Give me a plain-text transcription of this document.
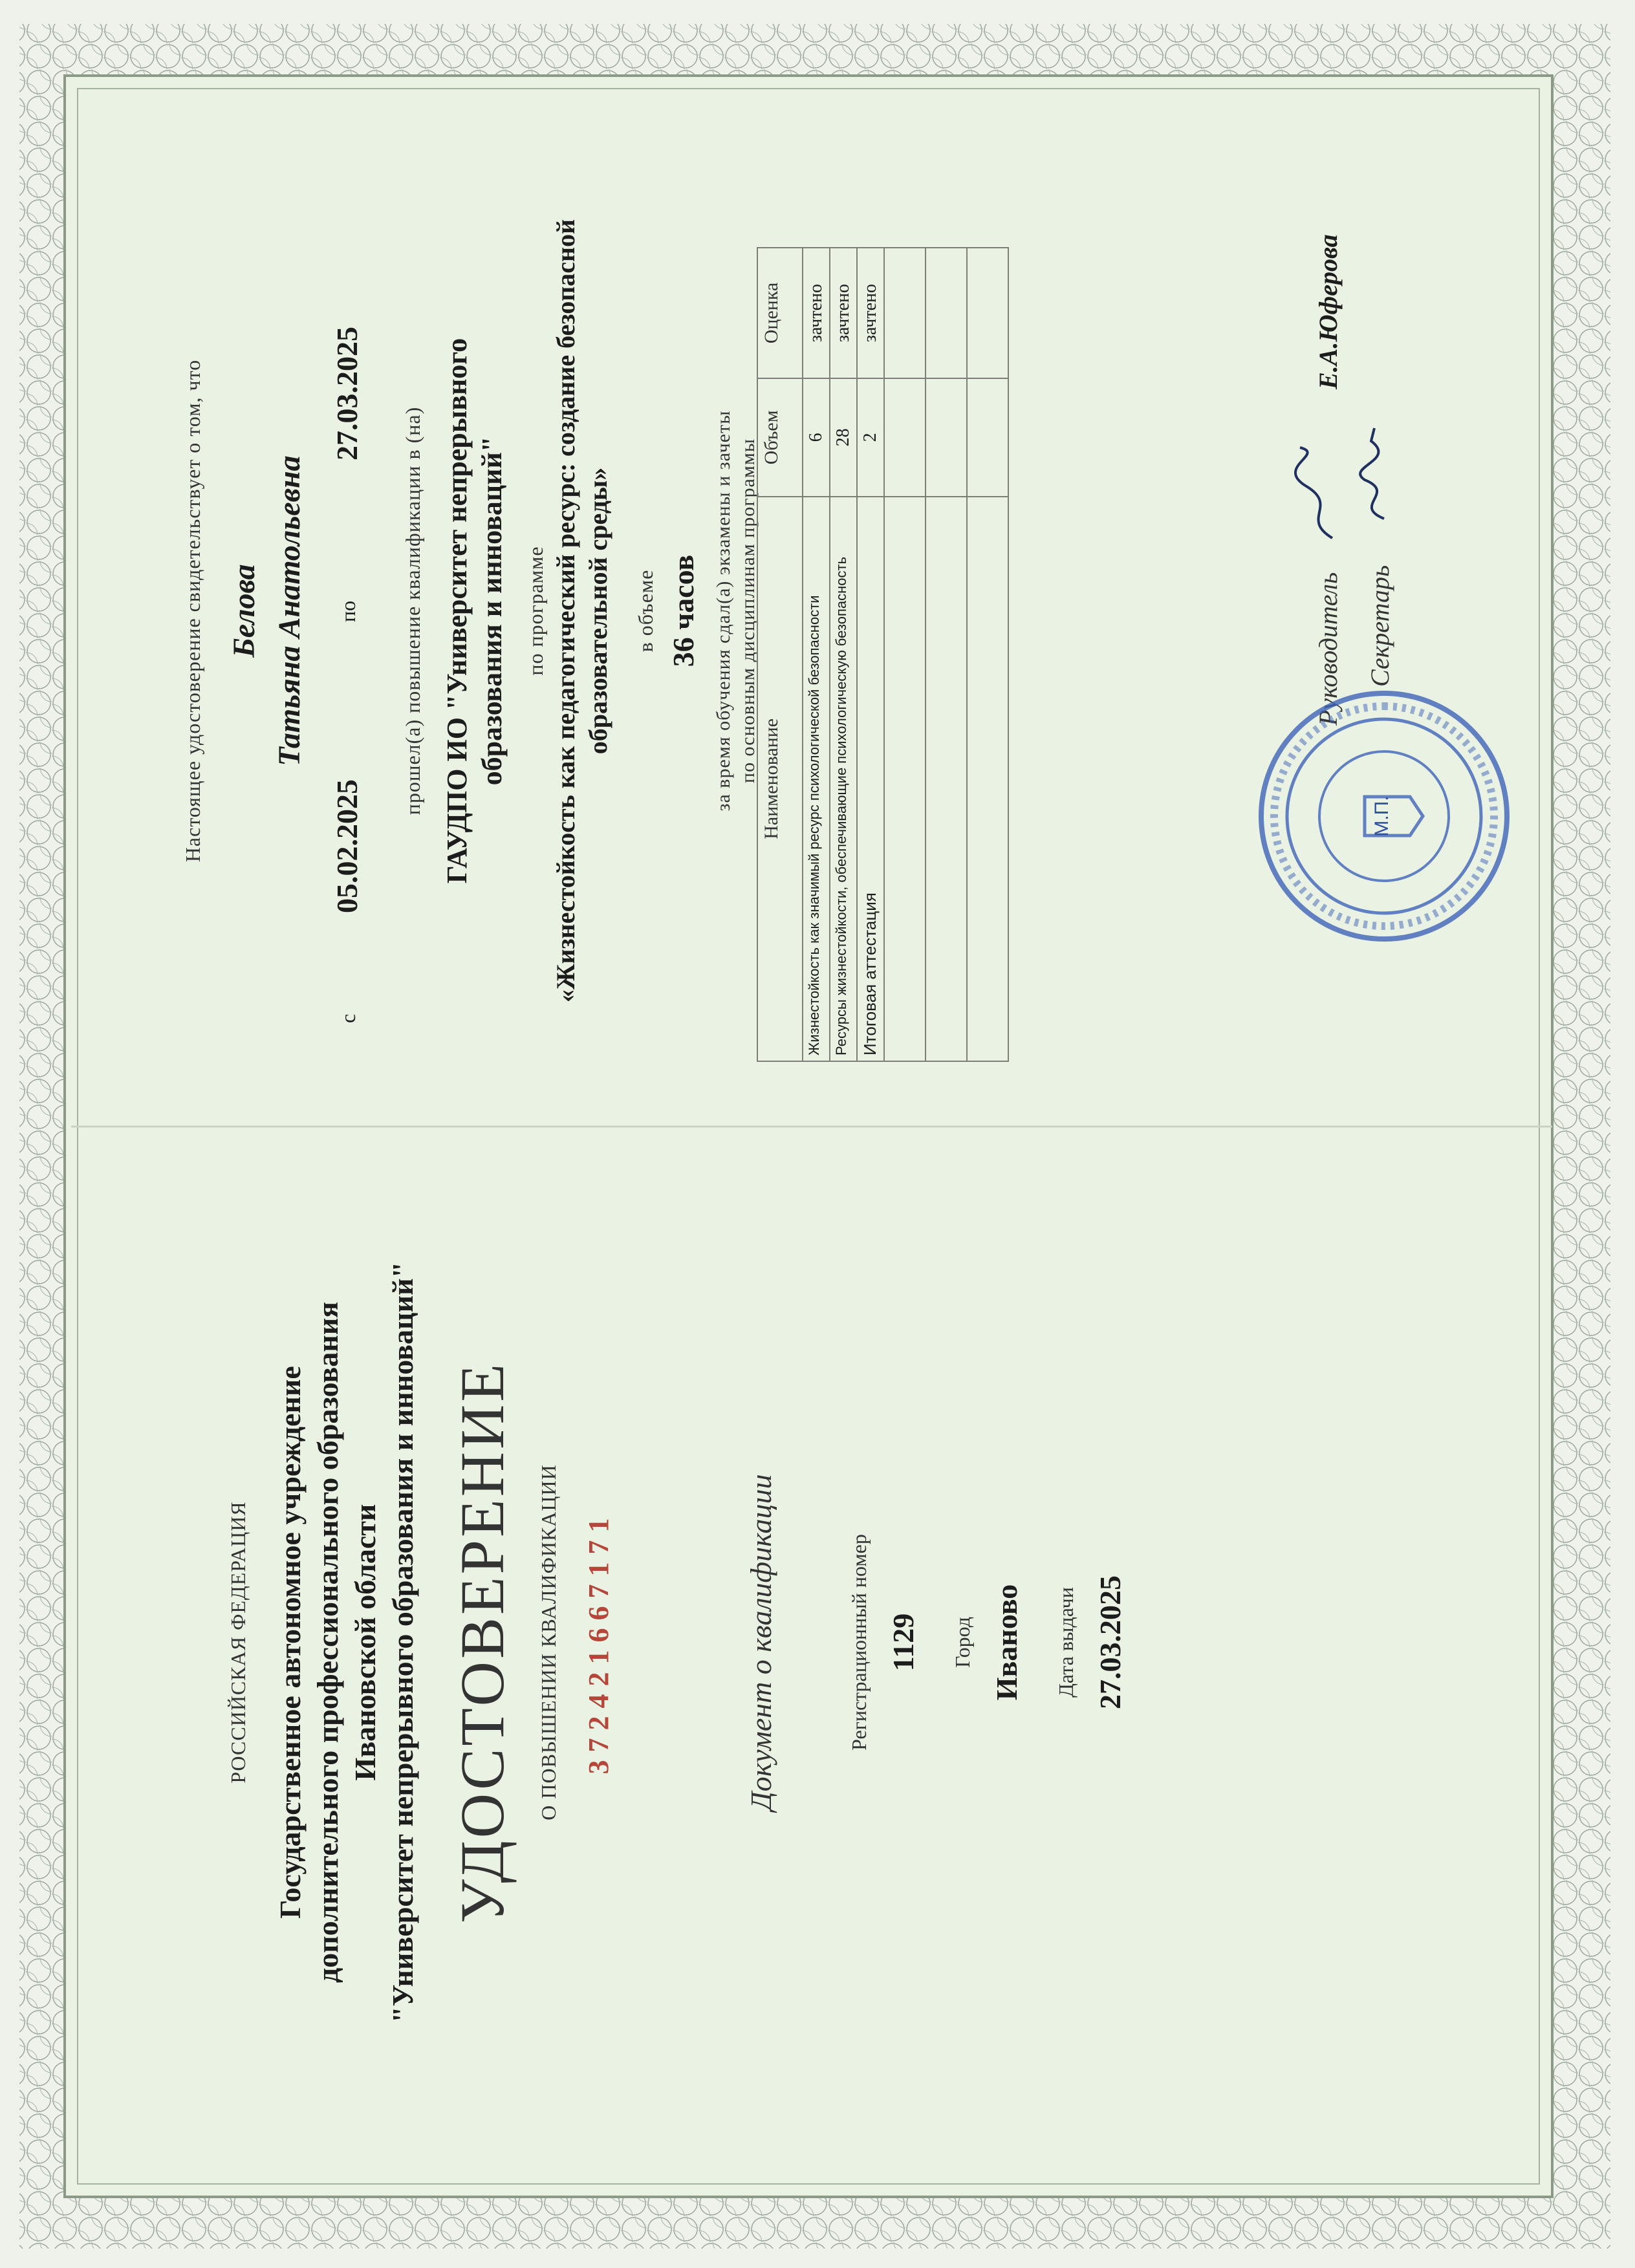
РОССИЙСКАЯ ФЕДЕРАЦИЯ Государственное автономное учреждение дополнительного профессионального образования Ивановской области "Университет непрерывного образования и инноваций" УДОСТОВЕРЕНИЕ О ПОВЫШЕНИИ КВАЛИФИКАЦИИ 372421667171	Документ о квалификации	Регистрационный номер 1129 Город Иваново Дата выдачи 27.03.2025
Настоящее удостоверение свидетельствует о том, что Белова Татьяна Анатольевна
с
05.02.2025
по
27.03.2025
прошел(а) повышение квалификации в (на) ГАУДПО ИО "Университет непрерывного образования и инноваций" по программе «Жизнестойкость как педагогический ресурс: создание безопасной образовательной среды» в объеме 36 часов за время обучения сдал(а) экзамены и зачеты по основным дисциплинам программы Наименование	Объем	Оценка
Жизнестойкость как значимый ресурс психологической безопасности	6	зачтено
Ресурсы жизнестойкости, обеспечивающие психологическую безопасность	28	зачтено
Итоговая аттестация	2	зачтено

Руководитель
Е.А.Юферова
Секретарь
М.П.
